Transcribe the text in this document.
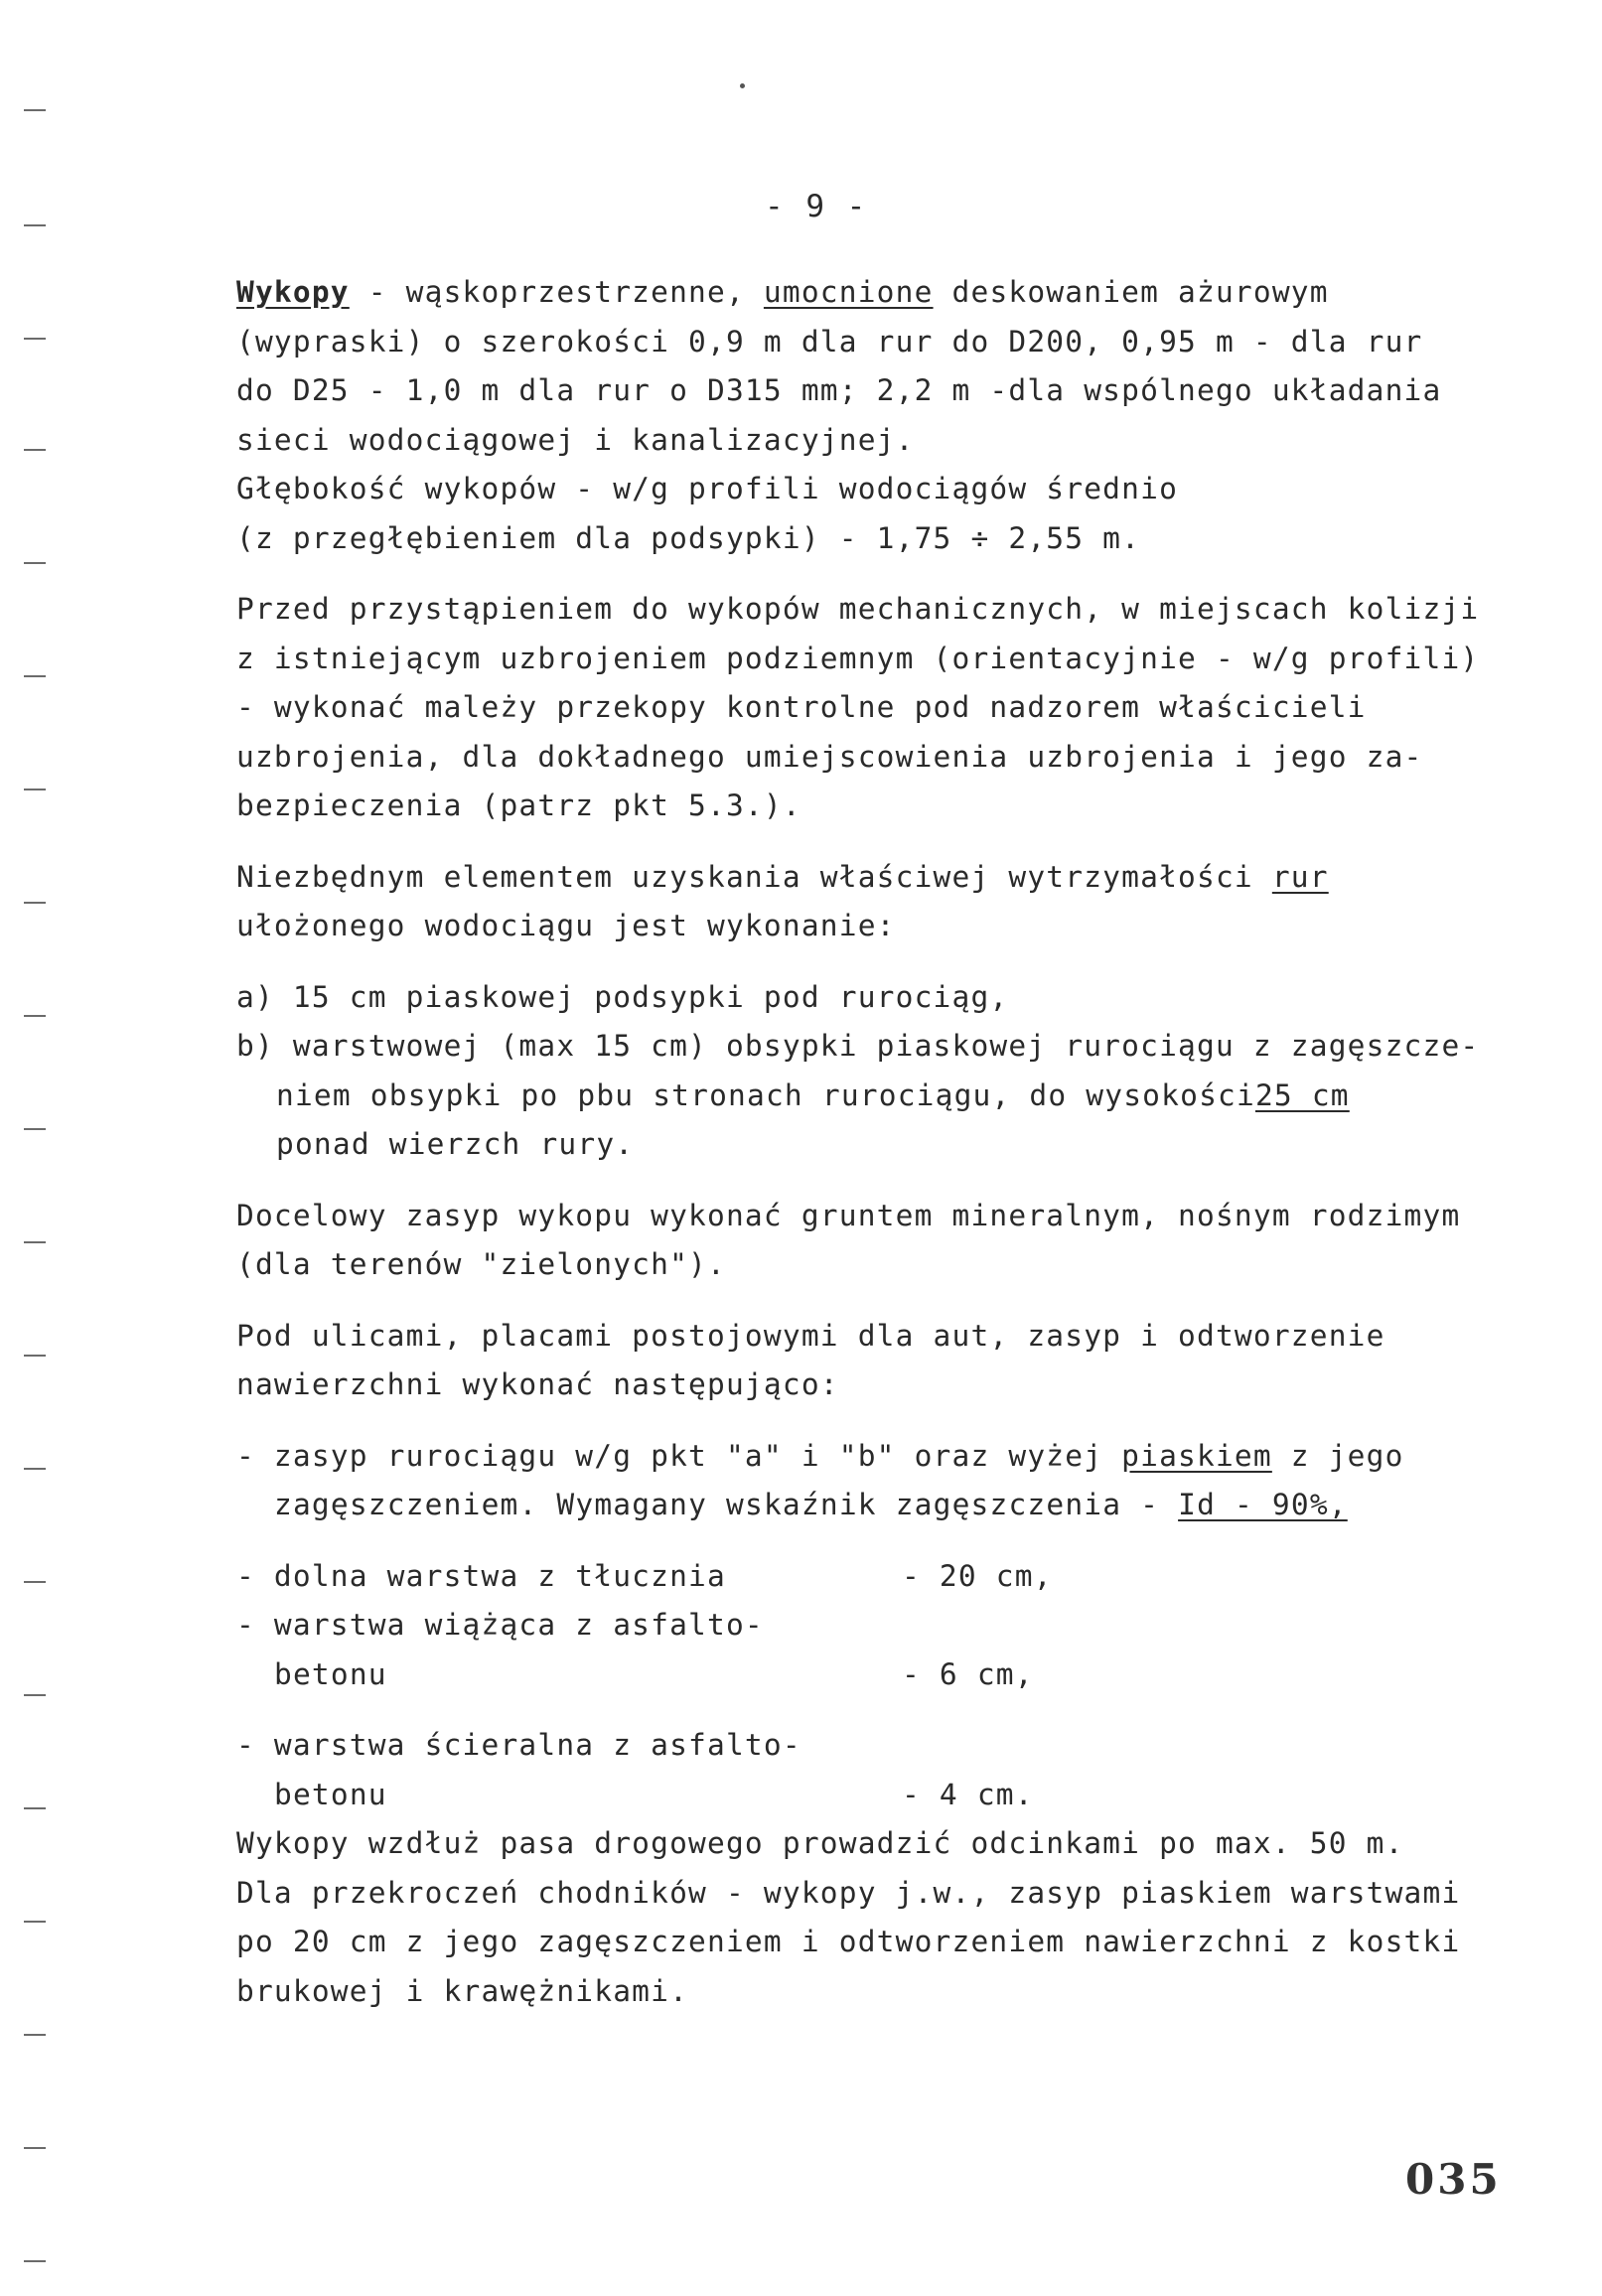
- 9 -

Wykopy - wąskoprzestrzenne, umocnione deskowaniem ażurowym

(wypraski) o szerokości 0,9 m dla rur do D200, 0,95 m - dla rur

do D25 - 1,0 m dla rur o D315 mm; 2,2 m -dla wspólnego układania

sieci wodociągowej i kanalizacyjnej.

Głębokość wykopów - w/g profili wodociągów średnio

(z przegłębieniem dla podsypki) - 1,75 ÷ 2,55 m.

Przed przystąpieniem do wykopów mechanicznych, w miejscach kolizji

z istniejącym uzbrojeniem podziemnym (orientacyjnie - w/g profili)

- wykonać mależy przekopy kontrolne pod nadzorem właścicieli

uzbrojenia, dla dokładnego umiejscowienia uzbrojenia i jego za-

bezpieczenia (patrz pkt 5.3.).

Niezbędnym elementem uzyskania właściwej wytrzymałości rur

ułożonego wodociągu jest wykonanie:

a) 15 cm piaskowej podsypki pod rurociąg,

b) warstwowej (max 15 cm) obsypki piaskowej rurociągu z zagęszcze-

niem obsypki po pbu stronach rurociągu, do wysokości25 cm

ponad wierzch rury.

Docelowy zasyp wykopu wykonać gruntem mineralnym, nośnym rodzimym

(dla terenów "zielonych").

Pod ulicami, placami postojowymi dla aut, zasyp i odtworzenie

nawierzchni wykonać następująco:

- zasyp rurociągu w/g pkt "a" i "b" oraz wyżej piaskiem z jego

zagęszczeniem. Wymagany wskaźnik zagęszczenia - Id - 90%,

- dolna warstwa z tłucznia	- 20 cm,
- warstwa wiążąca z asfalto-
betonu	- 6 cm,
- warstwa ścieralna z asfalto-
betonu	- 4 cm.

Wykopy wzdłuż pasa drogowego prowadzić odcinkami po max. 50 m.

Dla przekroczeń chodników - wykopy j.w., zasyp piaskiem warstwami

po 20 cm z jego zagęszczeniem i odtworzeniem nawierzchni z kostki

brukowej i krawężnikami.

035
